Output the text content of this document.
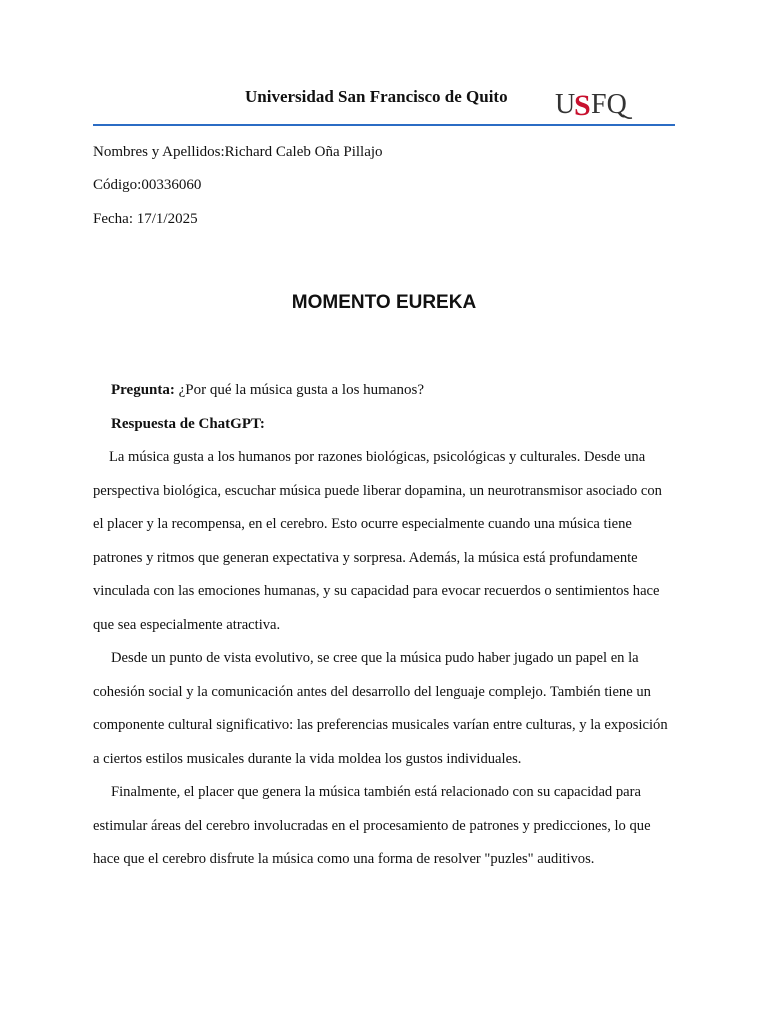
Universidad San Francisco de Quito U
S FQ
Nombres y Apellidos:Richard Caleb Oña Pillajo
Código:00336060
Fecha: 17/1/2025
MOMENTO EUREKA
Pregunta: ¿Por qué la música gusta a los humanos?
Respuesta de ChatGPT:

La música gusta a los humanos por razones biológicas, psicológicas y culturales. Desde una perspectiva biológica, escuchar música puede liberar dopamina, un neurotransmisor asociado con el placer y la recompensa, en el cerebro. Esto ocurre especialmente cuando una música tiene patrones y ritmos que generan expectativa y sorpresa. Además, la música está profundamente vinculada con las emociones humanas, y su capacidad para evocar recuerdos o sentimientos hace que sea especialmente atractiva.

Desde un punto de vista evolutivo, se cree que la música pudo haber jugado un papel en la cohesión social y la comunicación antes del desarrollo del lenguaje complejo. También tiene un componente cultural significativo: las preferencias musicales varían entre culturas, y la exposición a ciertos estilos musicales durante la vida moldea los gustos individuales.

Finalmente, el placer que genera la música también está relacionado con su capacidad para estimular áreas del cerebro involucradas en el procesamiento de patrones y predicciones, lo que hace que el cerebro disfrute la música como una forma de resolver "puzles" auditivos.
